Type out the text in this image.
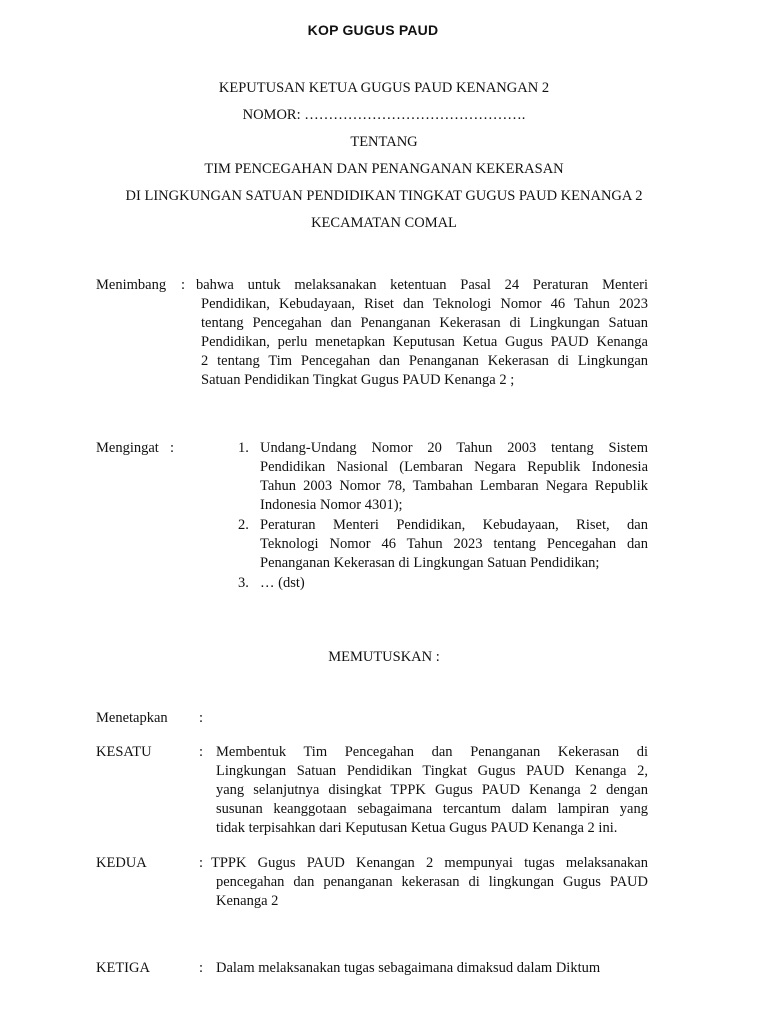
KOP GUGUS PAUD
KEPUTUSAN KETUA GUGUS PAUD KENANGAN 2
NOMOR: ……………………………………….
TENTANG
TIM PENCEGAHAN DAN PENANGANAN KEKERASAN
DI LINGKUNGAN SATUAN PENDIDIKAN TINGKAT GUGUS PAUD KENANGA 2
KECAMATAN COMAL
Menimbang : bahwa untuk melaksanakan ketentuan Pasal 24 Peraturan Menteri
Pendidikan, Kebudayaan, Riset dan Teknologi Nomor 46 Tahun 2023
tentang Pencegahan dan Penanganan Kekerasan di Lingkungan Satuan
Pendidikan, perlu menetapkan Keputusan Ketua Gugus PAUD Kenanga
2 tentang Tim Pencegahan dan Penanganan Kekerasan di Lingkungan
Satuan Pendidikan Tingkat Gugus PAUD Kenanga 2 ;
Mengingat :	1. Undang-Undang Nomor 20 Tahun 2003 tentang Sistem
Pendidikan Nasional (Lembaran Negara Republik Indonesia
Tahun 2003 Nomor 78, Tambahan Lembaran Negara Republik
Indonesia Nomor 4301);
2. Peraturan Menteri Pendidikan, Kebudayaan, Riset, dan
Teknologi Nomor 46 Tahun 2023 tentang Pencegahan dan
Penanganan Kekerasan di Lingkungan Satuan Pendidikan;
3. … (dst)
MEMUTUSKAN :
Menetapkan :
KESATU	: Membentuk Tim Pencegahan dan Penanganan Kekerasan di
Lingkungan Satuan Pendidikan Tingkat Gugus PAUD Kenanga 2,
yang selanjutnya disingkat TPPK Gugus PAUD Kenanga 2 dengan
susunan keanggotaan sebagaimana tercantum dalam lampiran yang
tidak terpisahkan dari Keputusan Ketua Gugus PAUD Kenanga 2 ini.
KEDUA	: TPPK Gugus PAUD Kenangan 2 mempunyai tugas melaksanakan
pencegahan dan penanganan kekerasan di lingkungan Gugus PAUD
Kenanga 2
KETIGA	: Dalam melaksanakan tugas sebagaimana dimaksud dalam Diktum
